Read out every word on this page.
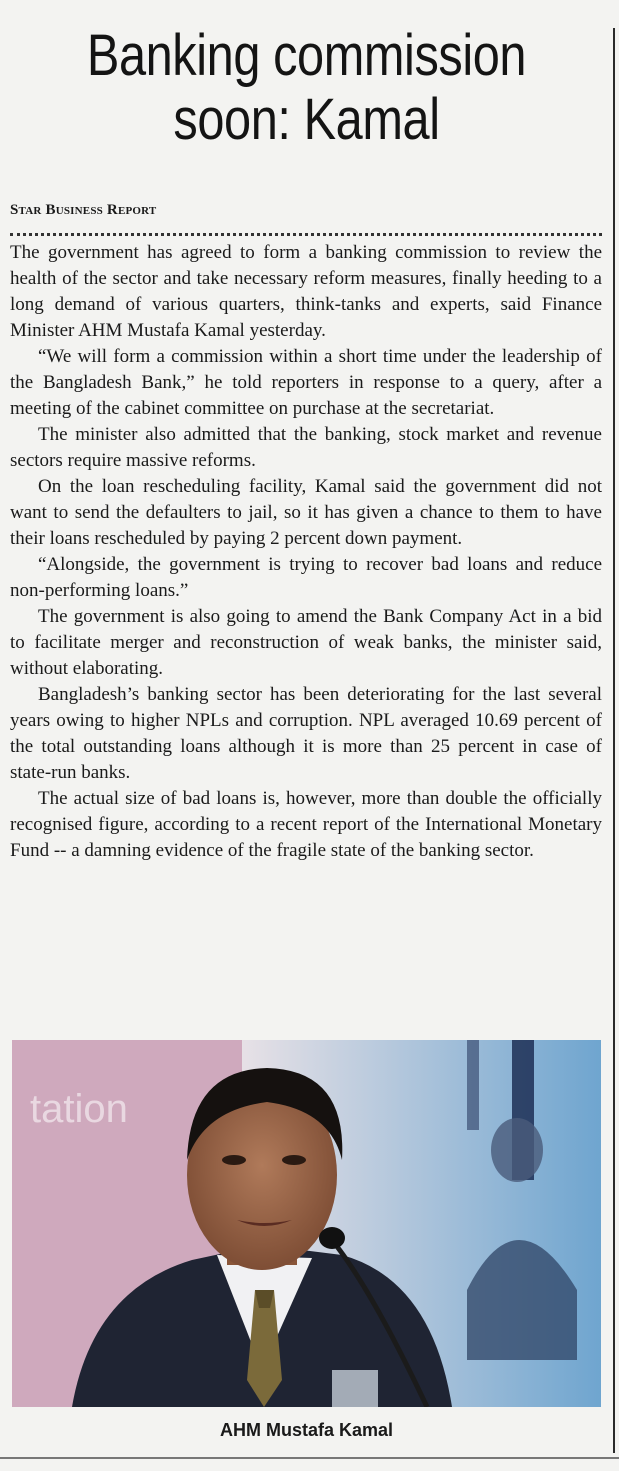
Banking commission
soon: Kamal
Star Business Report

The government has agreed to form a banking commission to review the health of the sector and take necessary reform measures, finally heeding to a long demand of various quarters, think-tanks and experts, said Finance Minister AHM Mustafa Kamal yesterday.

“We will form a commission within a short time under the leadership of the Bangladesh Bank,” he told reporters in response to a query, after a meeting of the cabinet committee on purchase at the secretariat.

The minister also admitted that the banking, stock market and revenue sectors require massive reforms.

On the loan rescheduling facility, Kamal said the government did not want to send the defaulters to jail, so it has given a chance to them to have their loans rescheduled by paying 2 percent down payment.

“Alongside, the government is trying to recover bad loans and reduce non-performing loans.”

The government is also going to amend the Bank Company Act in a bid to facilitate merger and reconstruction of weak banks, the minister said, without elaborating.

Bangladesh’s banking sector has been deteriorating for the last several years owing to higher NPLs and corruption. NPL averaged 10.69 percent of the total outstanding loans although it is more than 25 percent in case of state-run banks.

The actual size of bad loans is, however, more than double the officially recognised figure, according to a recent report of the International Monetary Fund -- a damning evidence of the fragile state of the banking sector.

tation
AHM Mustafa Kamal
